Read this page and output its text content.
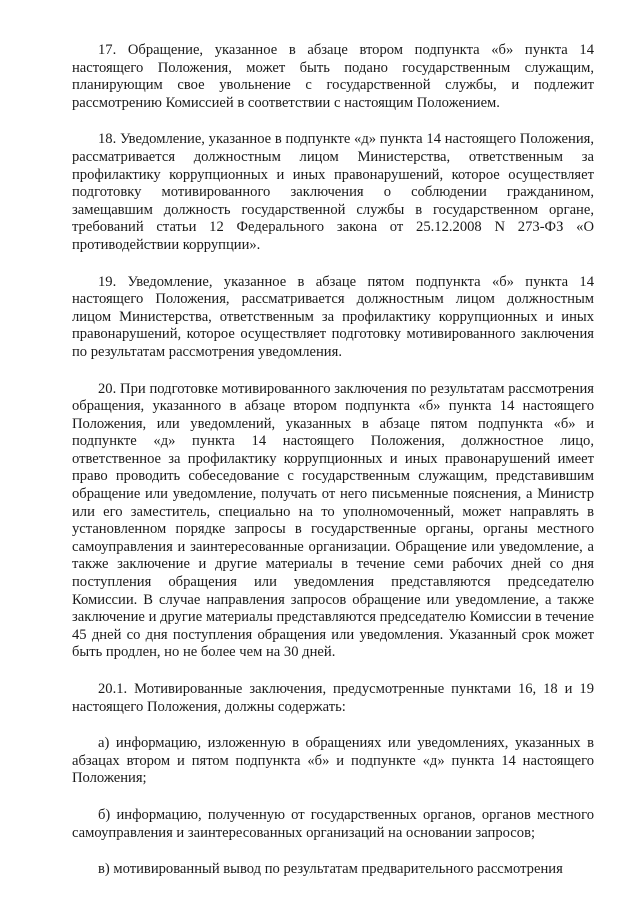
17. Обращение, указанное в абзаце втором подпункта «б» пункта 14 настоящего Положения, может быть подано государственным служащим, планирующим свое увольнение с государственной службы, и подлежит рассмотрению Комиссией в соответствии с настоящим Положением.

18. Уведомление, указанное в подпункте «д» пункта 14 настоящего Положения, рассматривается должностным лицом Министерства, ответственным за профилактику коррупционных и иных правонарушений, которое осуществляет подготовку мотивированного заключения о соблюдении гражданином, замещавшим должность государственной службы в государственном органе, требований статьи 12 Федерального закона от 25.12.2008 N 273-ФЗ «О противодействии коррупции».

19. Уведомление, указанное в абзаце пятом подпункта «б» пункта 14 настоящего Положения, рассматривается должностным лицом должностным лицом Министерства, ответственным за профилактику коррупционных и иных правонарушений, которое осуществляет подготовку мотивированного заключения по результатам рассмотрения уведомления.

20. При подготовке мотивированного заключения по результатам рассмотрения обращения, указанного в абзаце втором подпункта «б» пункта 14 настоящего Положения, или уведомлений, указанных в абзаце пятом подпункта «б» и подпункте «д» пункта 14 настоящего Положения, должностное лицо, ответственное за профилактику коррупционных и иных правонарушений имеет право проводить собеседование с государственным служащим, представившим обращение или уведомление, получать от него письменные пояснения, а Министр или его заместитель, специально на то уполномоченный, может направлять в установленном порядке запросы в государственные органы, органы местного самоуправления и заинтересованные организации. Обращение или уведомление, а также заключение и другие материалы в течение семи рабочих дней со дня поступления обращения или уведомления представляются председателю Комиссии. В случае направления запросов обращение или уведомление, а также заключение и другие материалы представляются председателю Комиссии в течение 45 дней со дня поступления обращения или уведомления. Указанный срок может быть продлен, но не более чем на 30 дней.

20.1. Мотивированные заключения, предусмотренные пунктами 16, 18 и 19 настоящего Положения, должны содержать:

а) информацию, изложенную в обращениях или уведомлениях, указанных в абзацах втором и пятом подпункта «б» и подпункте «д» пункта 14 настоящего Положения;

б) информацию, полученную от государственных органов, органов местного самоуправления и заинтересованных организаций на основании запросов;

в) мотивированный вывод по результатам предварительного рассмотрения
